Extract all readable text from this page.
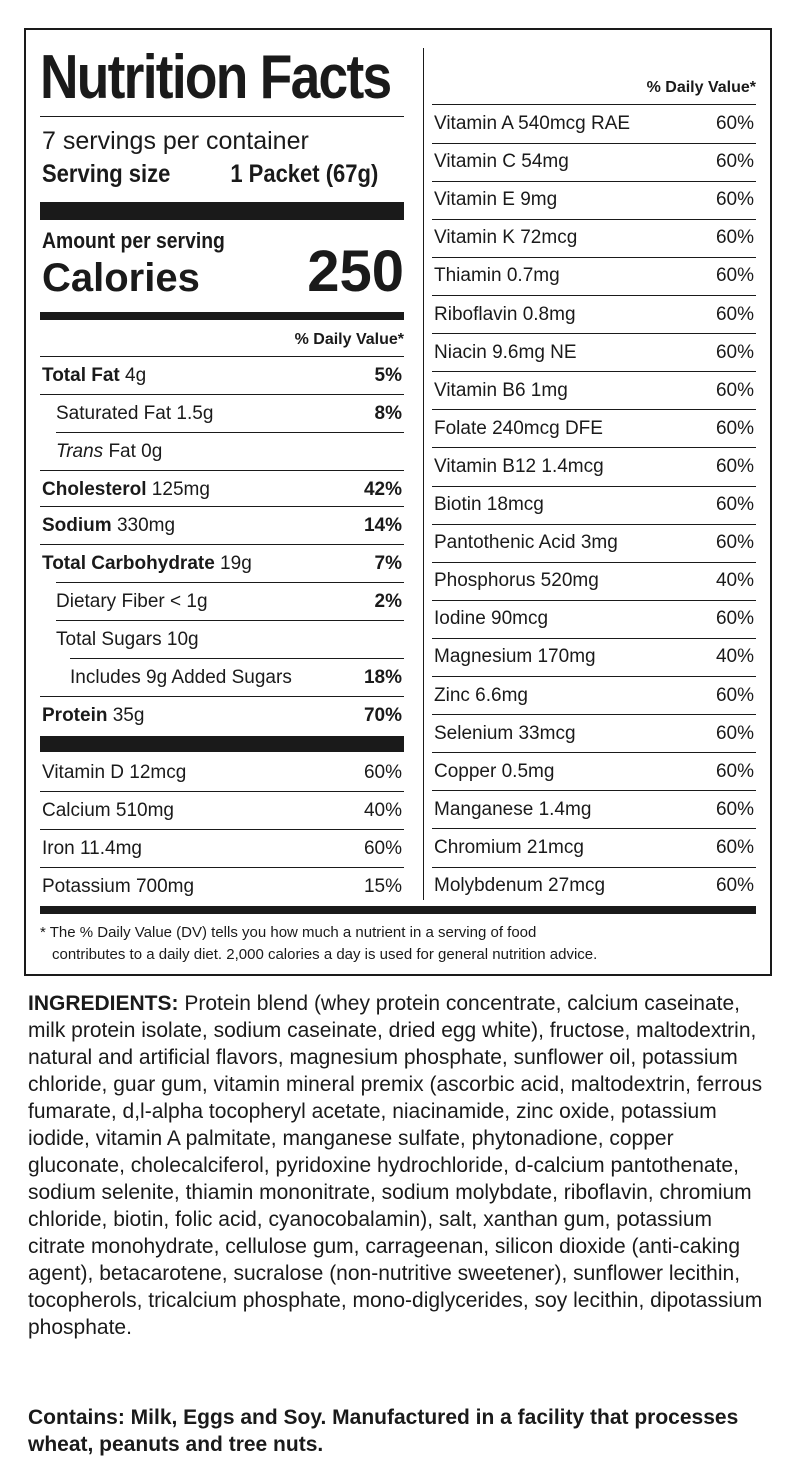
Nutrition Facts
7 servings per container
Serving size 1 Packet (67g)
Amount per serving
Calories 250
% Daily Value*
Total Fat 4g	5%
Saturated Fat 1.5g	8%
Trans Fat 0g
Cholesterol 125mg	42%
Sodium 330mg	14%
Total Carbohydrate 19g	7%
Dietary Fiber < 1g	2%
Total Sugars 10g
Includes 9g Added Sugars	18%
Protein 35g	70%
Vitamin D 12mcg	60%
Calcium 510mg	40%
Iron 11.4mg	60%
Potassium 700mg	15%
% Daily Value*
Vitamin A 540mcg RAE	60%
Vitamin C 54mg	60%
Vitamin E 9mg	60%
Vitamin K 72mcg	60%
Thiamin 0.7mg	60%
Riboflavin 0.8mg	60%
Niacin 9.6mg NE	60%
Vitamin B6 1mg	60%
Folate 240mcg DFE	60%
Vitamin B12 1.4mcg	60%
Biotin 18mcg	60%
Pantothenic Acid 3mg	60%
Phosphorus 520mg	40%
Iodine 90mcg	60%
Magnesium 170mg	40%
Zinc 6.6mg	60%
Selenium 33mcg	60%
Copper 0.5mg	60%
Manganese 1.4mg	60%
Chromium 21mcg	60%
Molybdenum 27mcg	60%
* The % Daily Value (DV) tells you how much a nutrient in a serving of food
contributes to a daily diet. 2,000 calories a day is used for general nutrition advice.
INGREDIENTS: Protein blend (whey protein concentrate, calcium caseinate, milk protein isolate, sodium caseinate, dried egg white), fructose, maltodextrin, natural and artificial flavors, magnesium phosphate, sunflower oil, potassium chloride, guar gum, vitamin mineral premix (ascorbic acid, maltodextrin, ferrous fumarate, d,l-alpha tocopheryl acetate, niacinamide, zinc oxide, potassium iodide, vitamin A palmitate, manganese sulfate, phytonadione, copper gluconate, cholecalciferol, pyridoxine hydrochloride, d-calcium pantothenate, sodium selenite, thiamin mononitrate, sodium molybdate, riboflavin, chromium chloride, biotin, folic acid, cyanocobalamin), salt, xanthan gum, potassium citrate monohydrate, cellulose gum, carrageenan, silicon dioxide (anti-caking agent), betacarotene, sucralose (non-nutritive sweetener), sunflower lecithin, tocopherols, tricalcium phosphate, mono-diglycerides, soy lecithin, dipotassium phosphate.
Contains: Milk, Eggs and Soy. Manufactured in a facility that processes wheat, peanuts and tree nuts.
